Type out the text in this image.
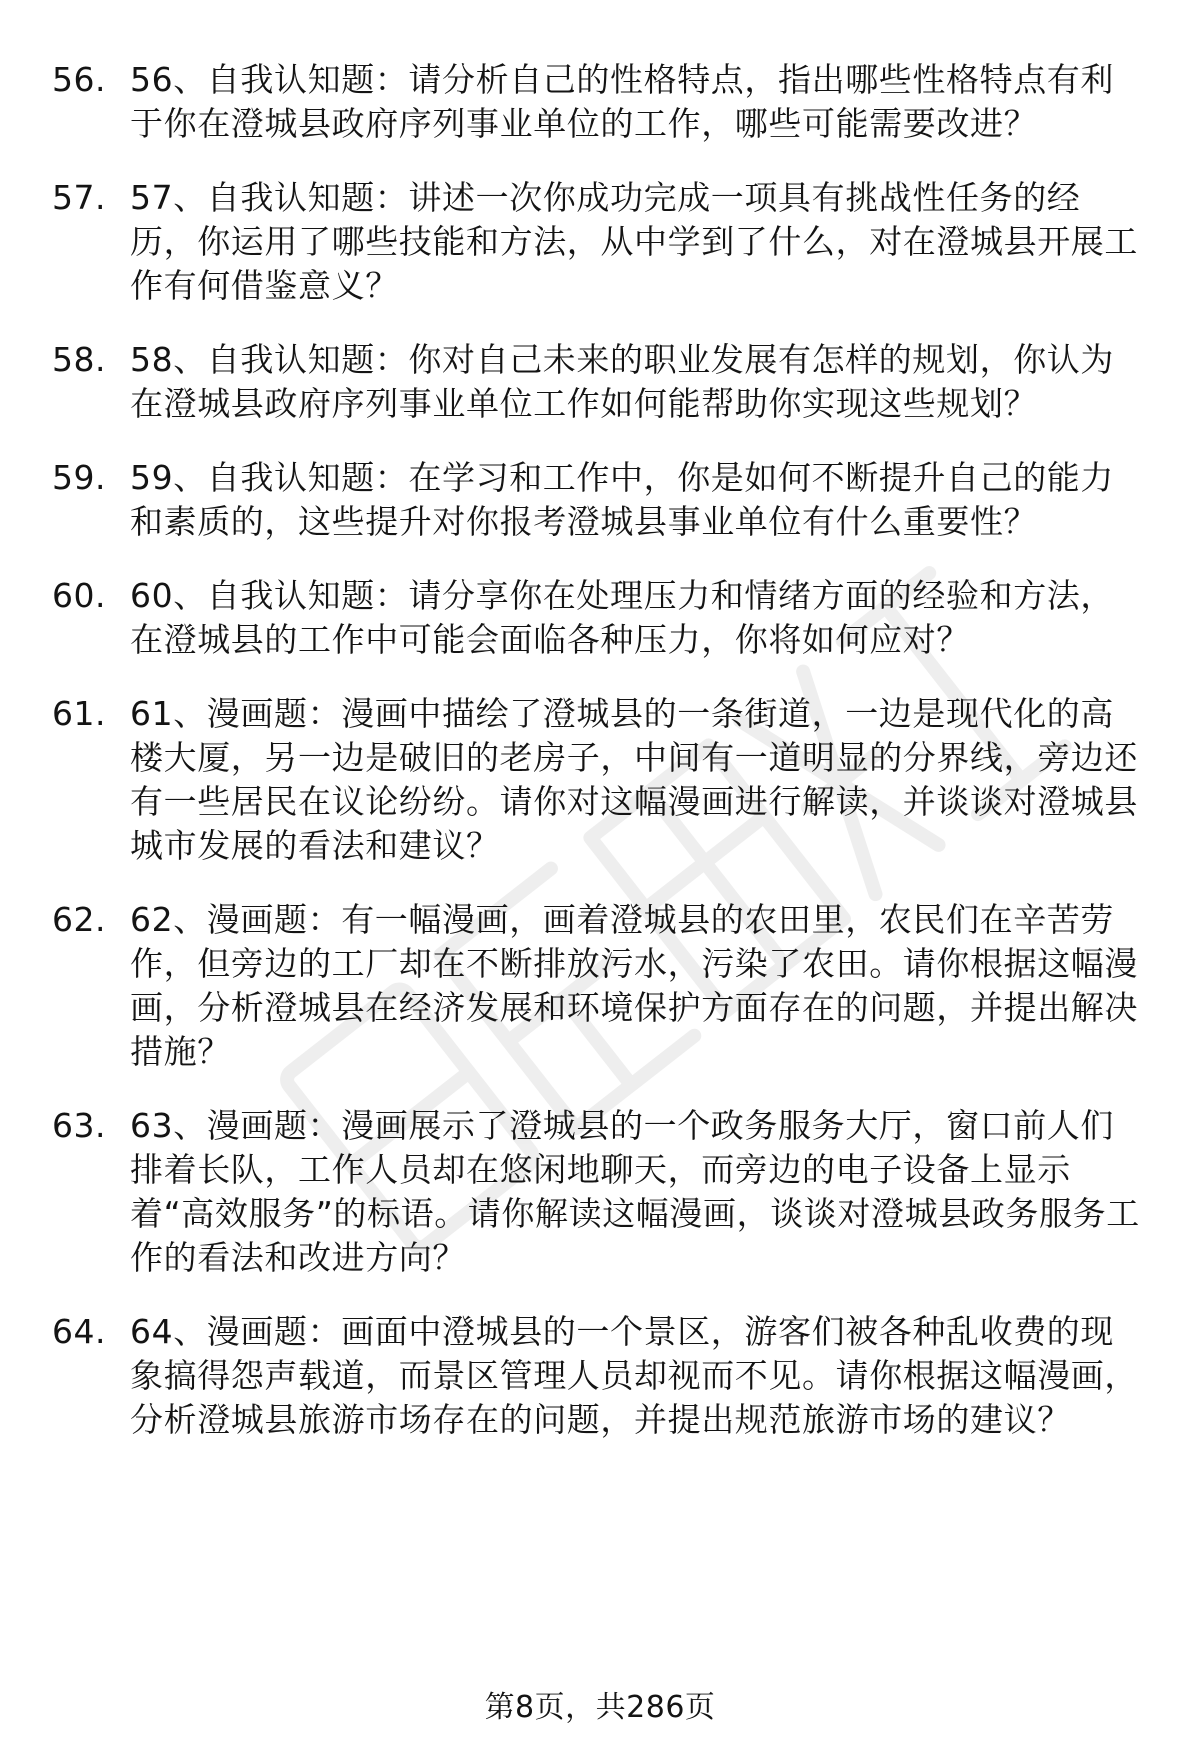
56. 56、自我认知题：请分析自己的性格特点，指出哪些性格特点有利于你在澄城县政府序列事业单位的工作，哪些可能需要改进？
57. 57、自我认知题：讲述一次你成功完成一项具有挑战性任务的经历，你运用了哪些技能和方法，从中学到了什么，对在澄城县开展工作有何借鉴意义？
58. 58、自我认知题：你对自己未来的职业发展有怎样的规划，你认为在澄城县政府序列事业单位工作如何能帮助你实现这些规划？
59. 59、自我认知题：在学习和工作中，你是如何不断提升自己的能力和素质的，这些提升对你报考澄城县事业单位有什么重要性？
60. 60、自我认知题：请分享你在处理压力和情绪方面的经验和方法，在澄城县的工作中可能会面临各种压力，你将如何应对？
61. 61、漫画题：漫画中描绘了澄城县的一条街道，一边是现代化的高楼大厦，另一边是破旧的老房子，中间有一道明显的分界线，旁边还有一些居民在议论纷纷。请你对这幅漫画进行解读，并谈谈对澄城县城市发展的看法和建议？
62. 62、漫画题：有一幅漫画，画着澄城县的农田里，农民们在辛苦劳作，但旁边的工厂却在不断排放污水，污染了农田。请你根据这幅漫画，分析澄城县在经济发展和环境保护方面存在的问题，并提出解决措施？
63. 63、漫画题：漫画展示了澄城县的一个政务服务大厅，窗口前人们排着长队，工作人员却在悠闲地聊天，而旁边的电子设备上显示着“高效服务”的标语。请你解读这幅漫画，谈谈对澄城县政务服务工作的看法和改进方向？
64. 64、漫画题：画面中澄城县的一个景区，游客们被各种乱收费的现象搞得怨声载道，而景区管理人员却视而不见。请你根据这幅漫画，分析澄城县旅游市场存在的问题，并提出规范旅游市场的建议？
第8页，共286页
